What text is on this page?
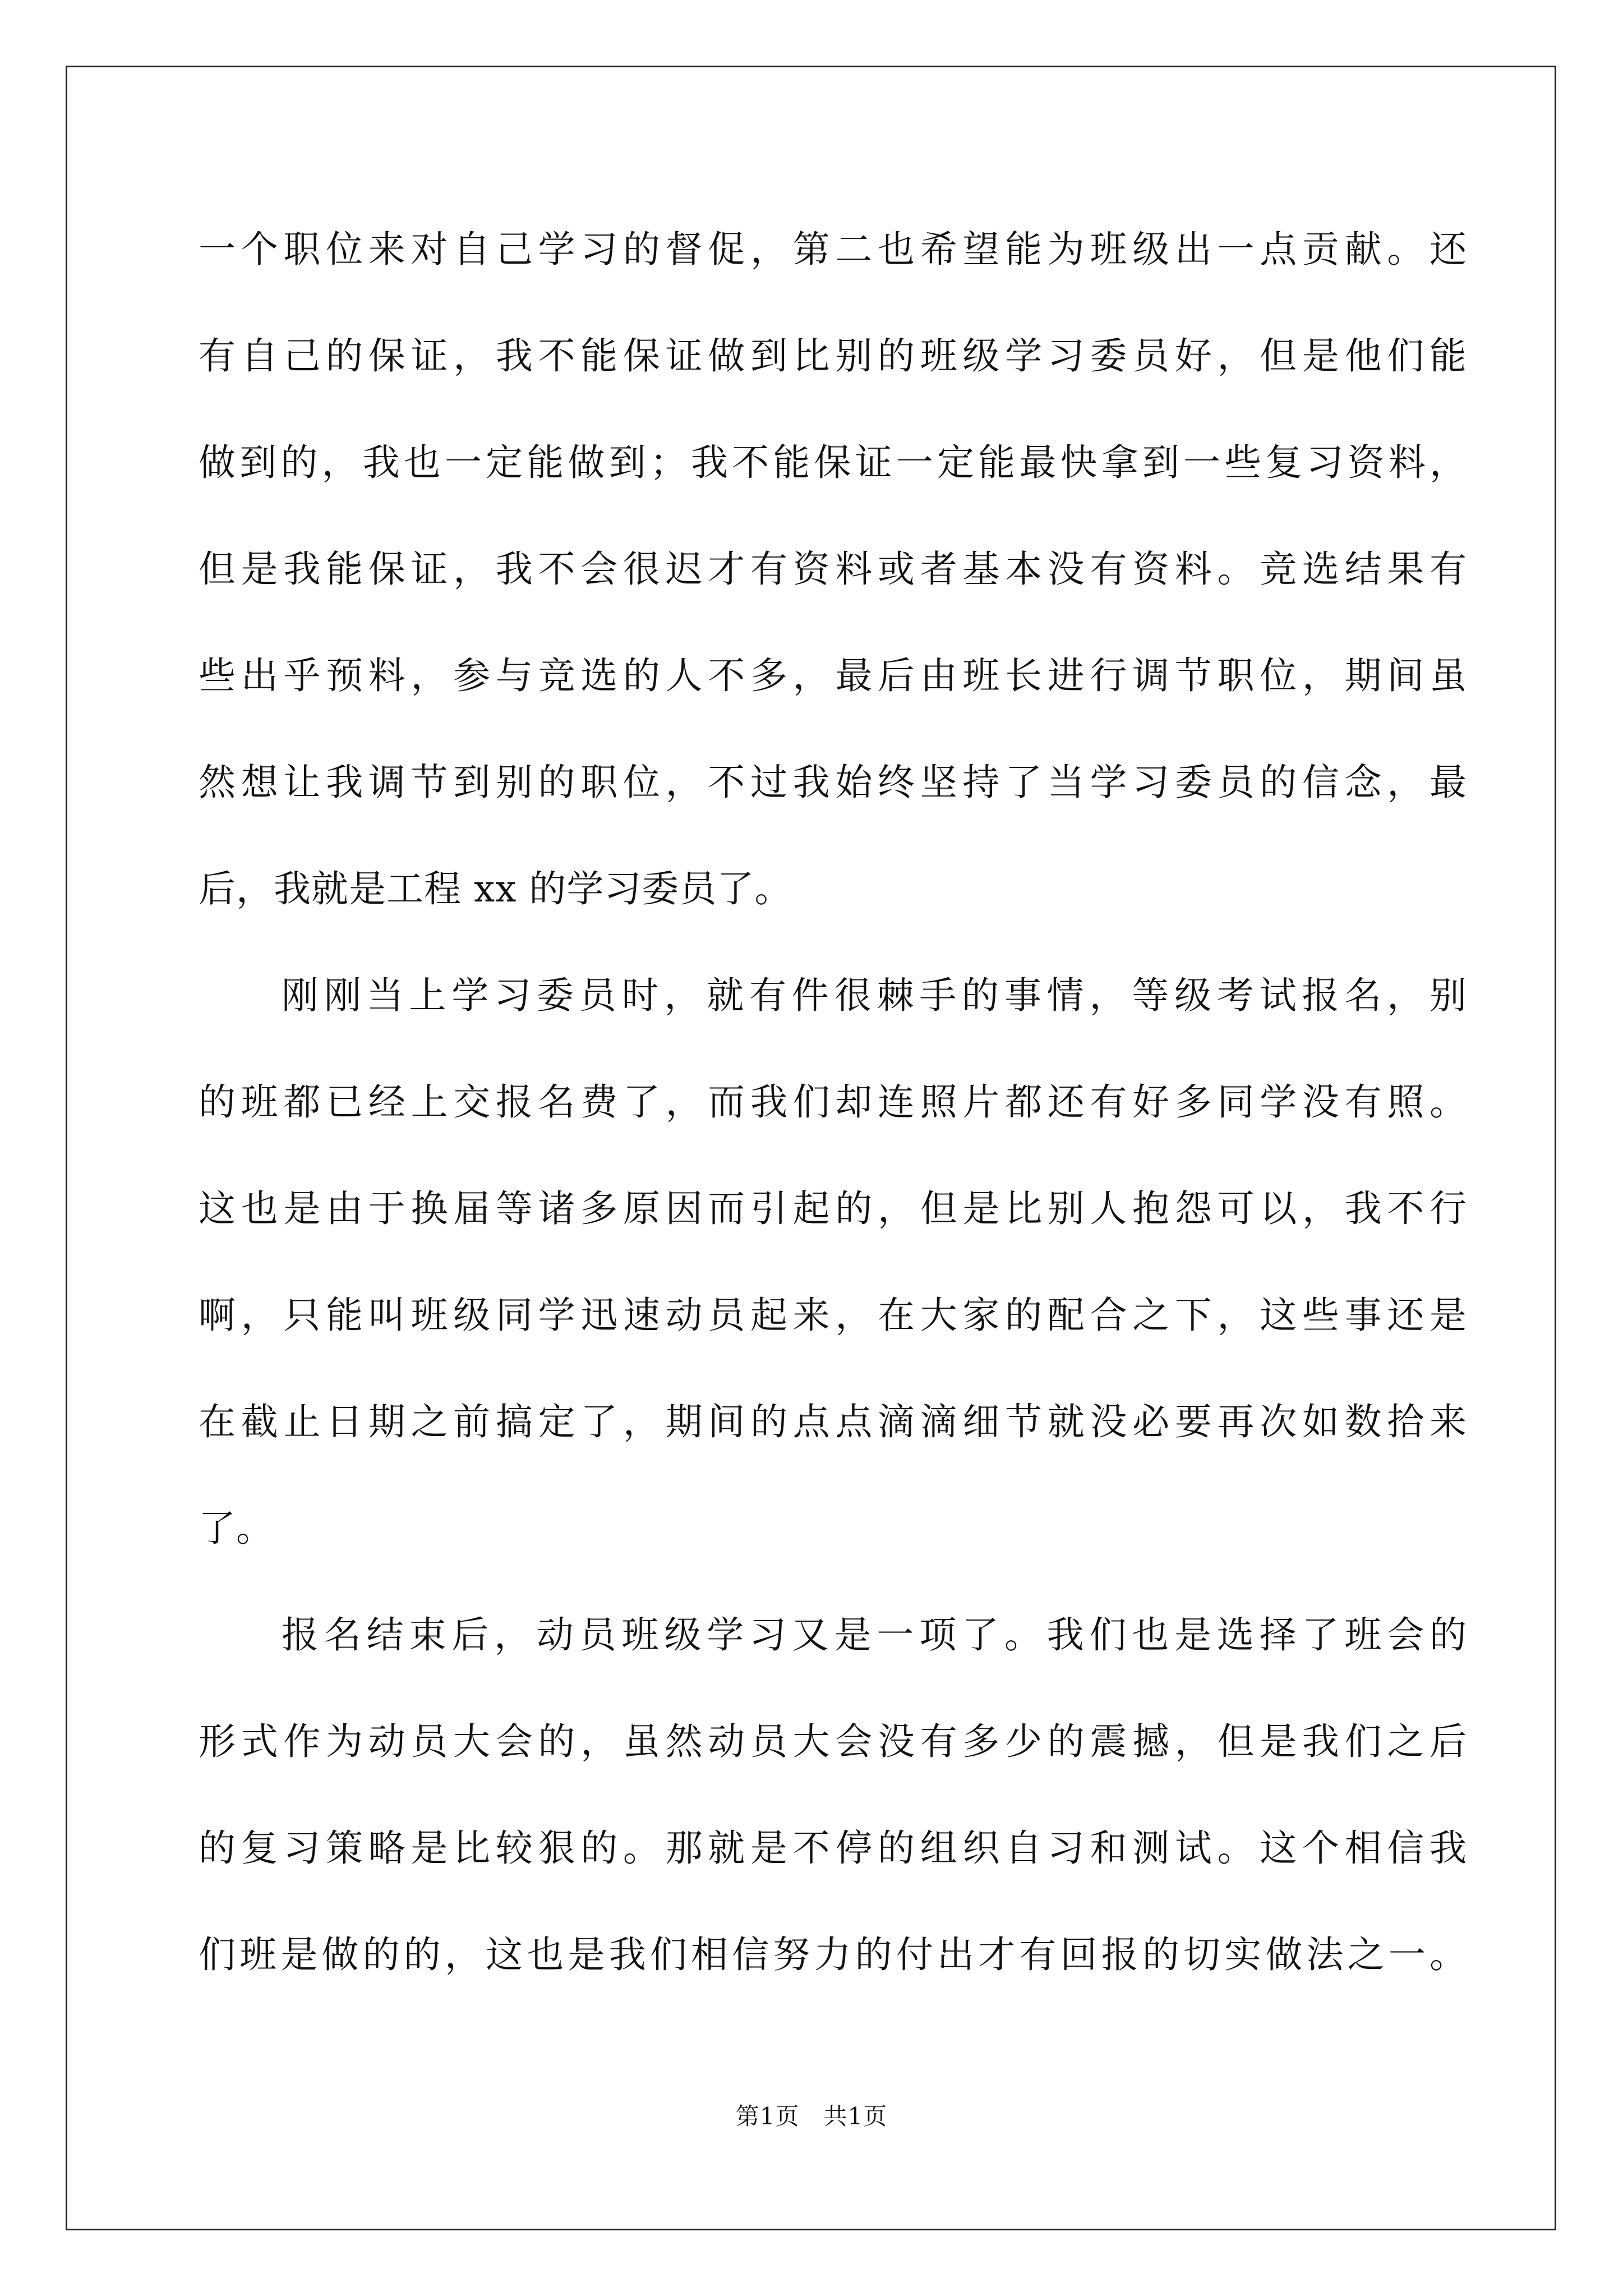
一个职位来对自己学习的督促，第二也希望能为班级出一点贡献。还
有自己的保证，我不能保证做到比别的班级学习委员好，但是他们能
做到的，我也一定能做到；我不能保证一定能最快拿到一些复习资料，
但是我能保证，我不会很迟才有资料或者基本没有资料。竞选结果有
些出乎预料，参与竞选的人不多，最后由班长进行调节职位，期间虽
然想让我调节到别的职位，不过我始终坚持了当学习委员的信念，最
后，我就是工程 xx 的学习委员了。
刚刚当上学习委员时，就有件很棘手的事情，等级考试报名，别
的班都已经上交报名费了，而我们却连照片都还有好多同学没有照。
这也是由于换届等诸多原因而引起的，但是比别人抱怨可以，我不行
啊，只能叫班级同学迅速动员起来，在大家的配合之下，这些事还是
在截止日期之前搞定了，期间的点点滴滴细节就没必要再次如数拾来
了。
报名结束后，动员班级学习又是一项了。我们也是选择了班会的
形式作为动员大会的，虽然动员大会没有多少的震撼，但是我们之后
的复习策略是比较狠的。那就是不停的组织自习和测试。这个相信我
们班是做的的，这也是我们相信努力的付出才有回报的切实做法之一。
第1页　共1页
